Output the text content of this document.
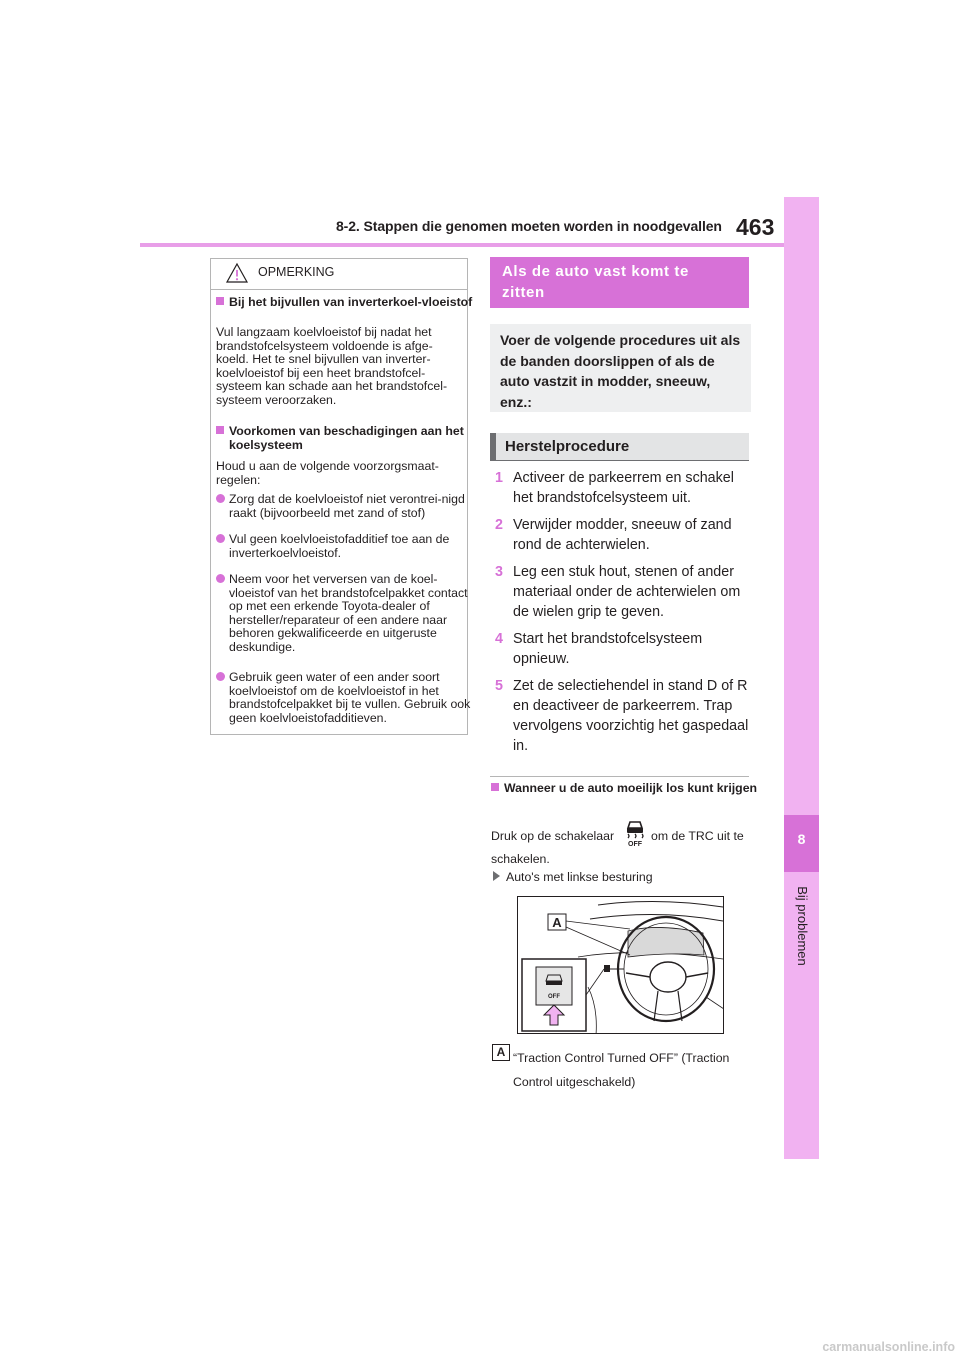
8-2. Stappen die genomen moeten worden in noodgevallen 463
8
Bij problemen
OPMERKING
Bij het bijvullen van inverterkoel-vloeistof
Vul langzaam koelvloeistof bij nadat het brandstofcelsysteem voldoende is afge-koeld. Het te snel bijvullen van inverter-koelvloeistof bij een heet brandstofcel-systeem kan schade aan het brandstofcel-systeem veroorzaken.
Voorkomen van beschadigingen aan het koelsysteem
Houd u aan de volgende voorzorgsmaat-regelen:
Zorg dat de koelvloeistof niet verontrei-nigd raakt (bijvoorbeeld met zand of stof)
Vul geen koelvloeistofadditief toe aan de inverterkoelvloeistof.
Neem voor het verversen van de koel-vloeistof van het brandstofcelpakket contact op met een erkende Toyota-dealer of hersteller/reparateur of een andere naar behoren gekwalificeerde en uitgeruste deskundige.
Gebruik geen water of een ander soort koelvloeistof om de koelvloeistof in het brandstofcelpakket bij te vullen. Gebruik ook geen koelvloeistofadditieven.
Als de auto vast komt te
zitten
Voer de volgende procedures uit als de banden doorslippen of als de auto vastzit in modder, sneeuw, enz.:
Herstelprocedure
1 Activeer de parkeerrem en schakel het brandstofcelsysteem uit.
2 Verwijder modder, sneeuw of zand rond de achterwielen.
3 Leg een stuk hout, stenen of ander materiaal onder de achterwielen om de wielen grip te geven.
4 Start het brandstofcelsysteem opnieuw.
5 Zet de selectiehendel in stand D of R en deactiveer de parkeerrem. Trap vervolgens voorzichtig het gaspedaal in.
Wanneer u de auto moeilijk los kunt krijgen
Druk op de schakelaar
OFF
om de TRC uit te
schakelen.
Auto's met linkse besturing
A
OFF
A “Traction Control Turned OFF” (Traction Control uitgeschakeld)
carmanualsonline.info
